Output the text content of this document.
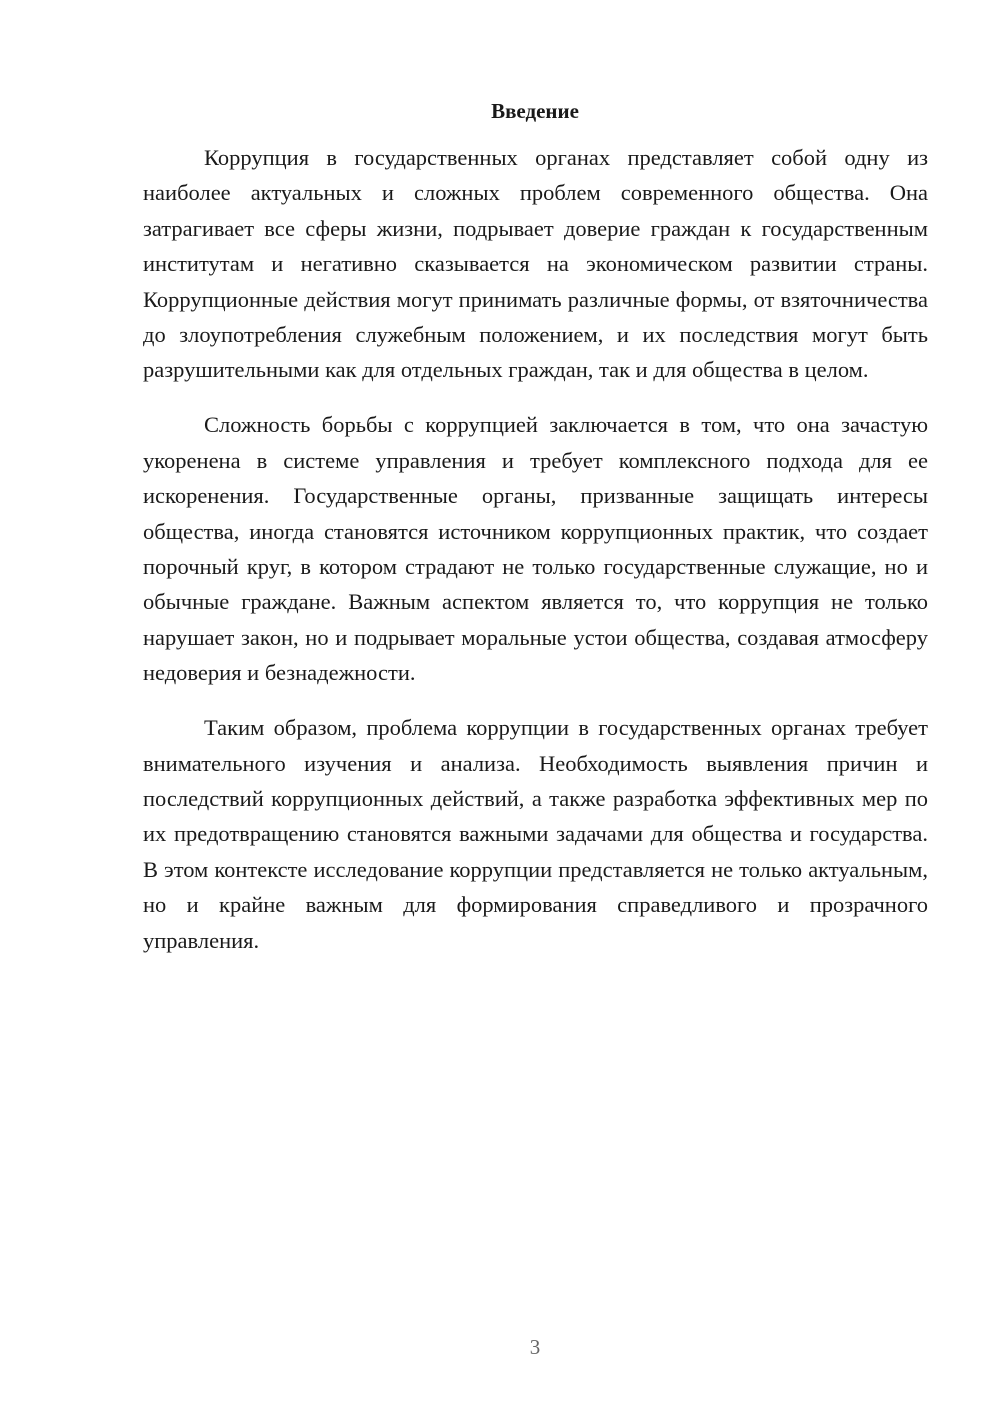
Введение

Коррупция в государственных органах представляет собой одну из наиболее актуальных и сложных проблем современного общества. Она затрагивает все сферы жизни, подрывает доверие граждан к государственным институтам и негативно сказывается на экономическом развитии страны. Коррупционные действия могут принимать различные формы, от взяточничества до злоупотребления служебным положением, и их последствия могут быть разрушительными как для отдельных граждан, так и для общества в целом.

Сложность борьбы с коррупцией заключается в том, что она зачастую укоренена в системе управления и требует комплексного подхода для ее искоренения. Государственные органы, призванные защищать интересы общества, иногда становятся источником коррупционных практик, что создает порочный круг, в котором страдают не только государственные служащие, но и обычные граждане. Важным аспектом является то, что коррупция не только нарушает закон, но и подрывает моральные устои общества, создавая атмосферу недоверия и безнадежности.

Таким образом, проблема коррупции в государственных органах требует внимательного изучения и анализа. Необходимость выявления причин и последствий коррупционных действий, а также разработка эффективных мер по их предотвращению становятся важными задачами для общества и государства. В этом контексте исследование коррупции представляется не только актуальным, но и крайне важным для формирования справедливого и прозрачного управления.

3
